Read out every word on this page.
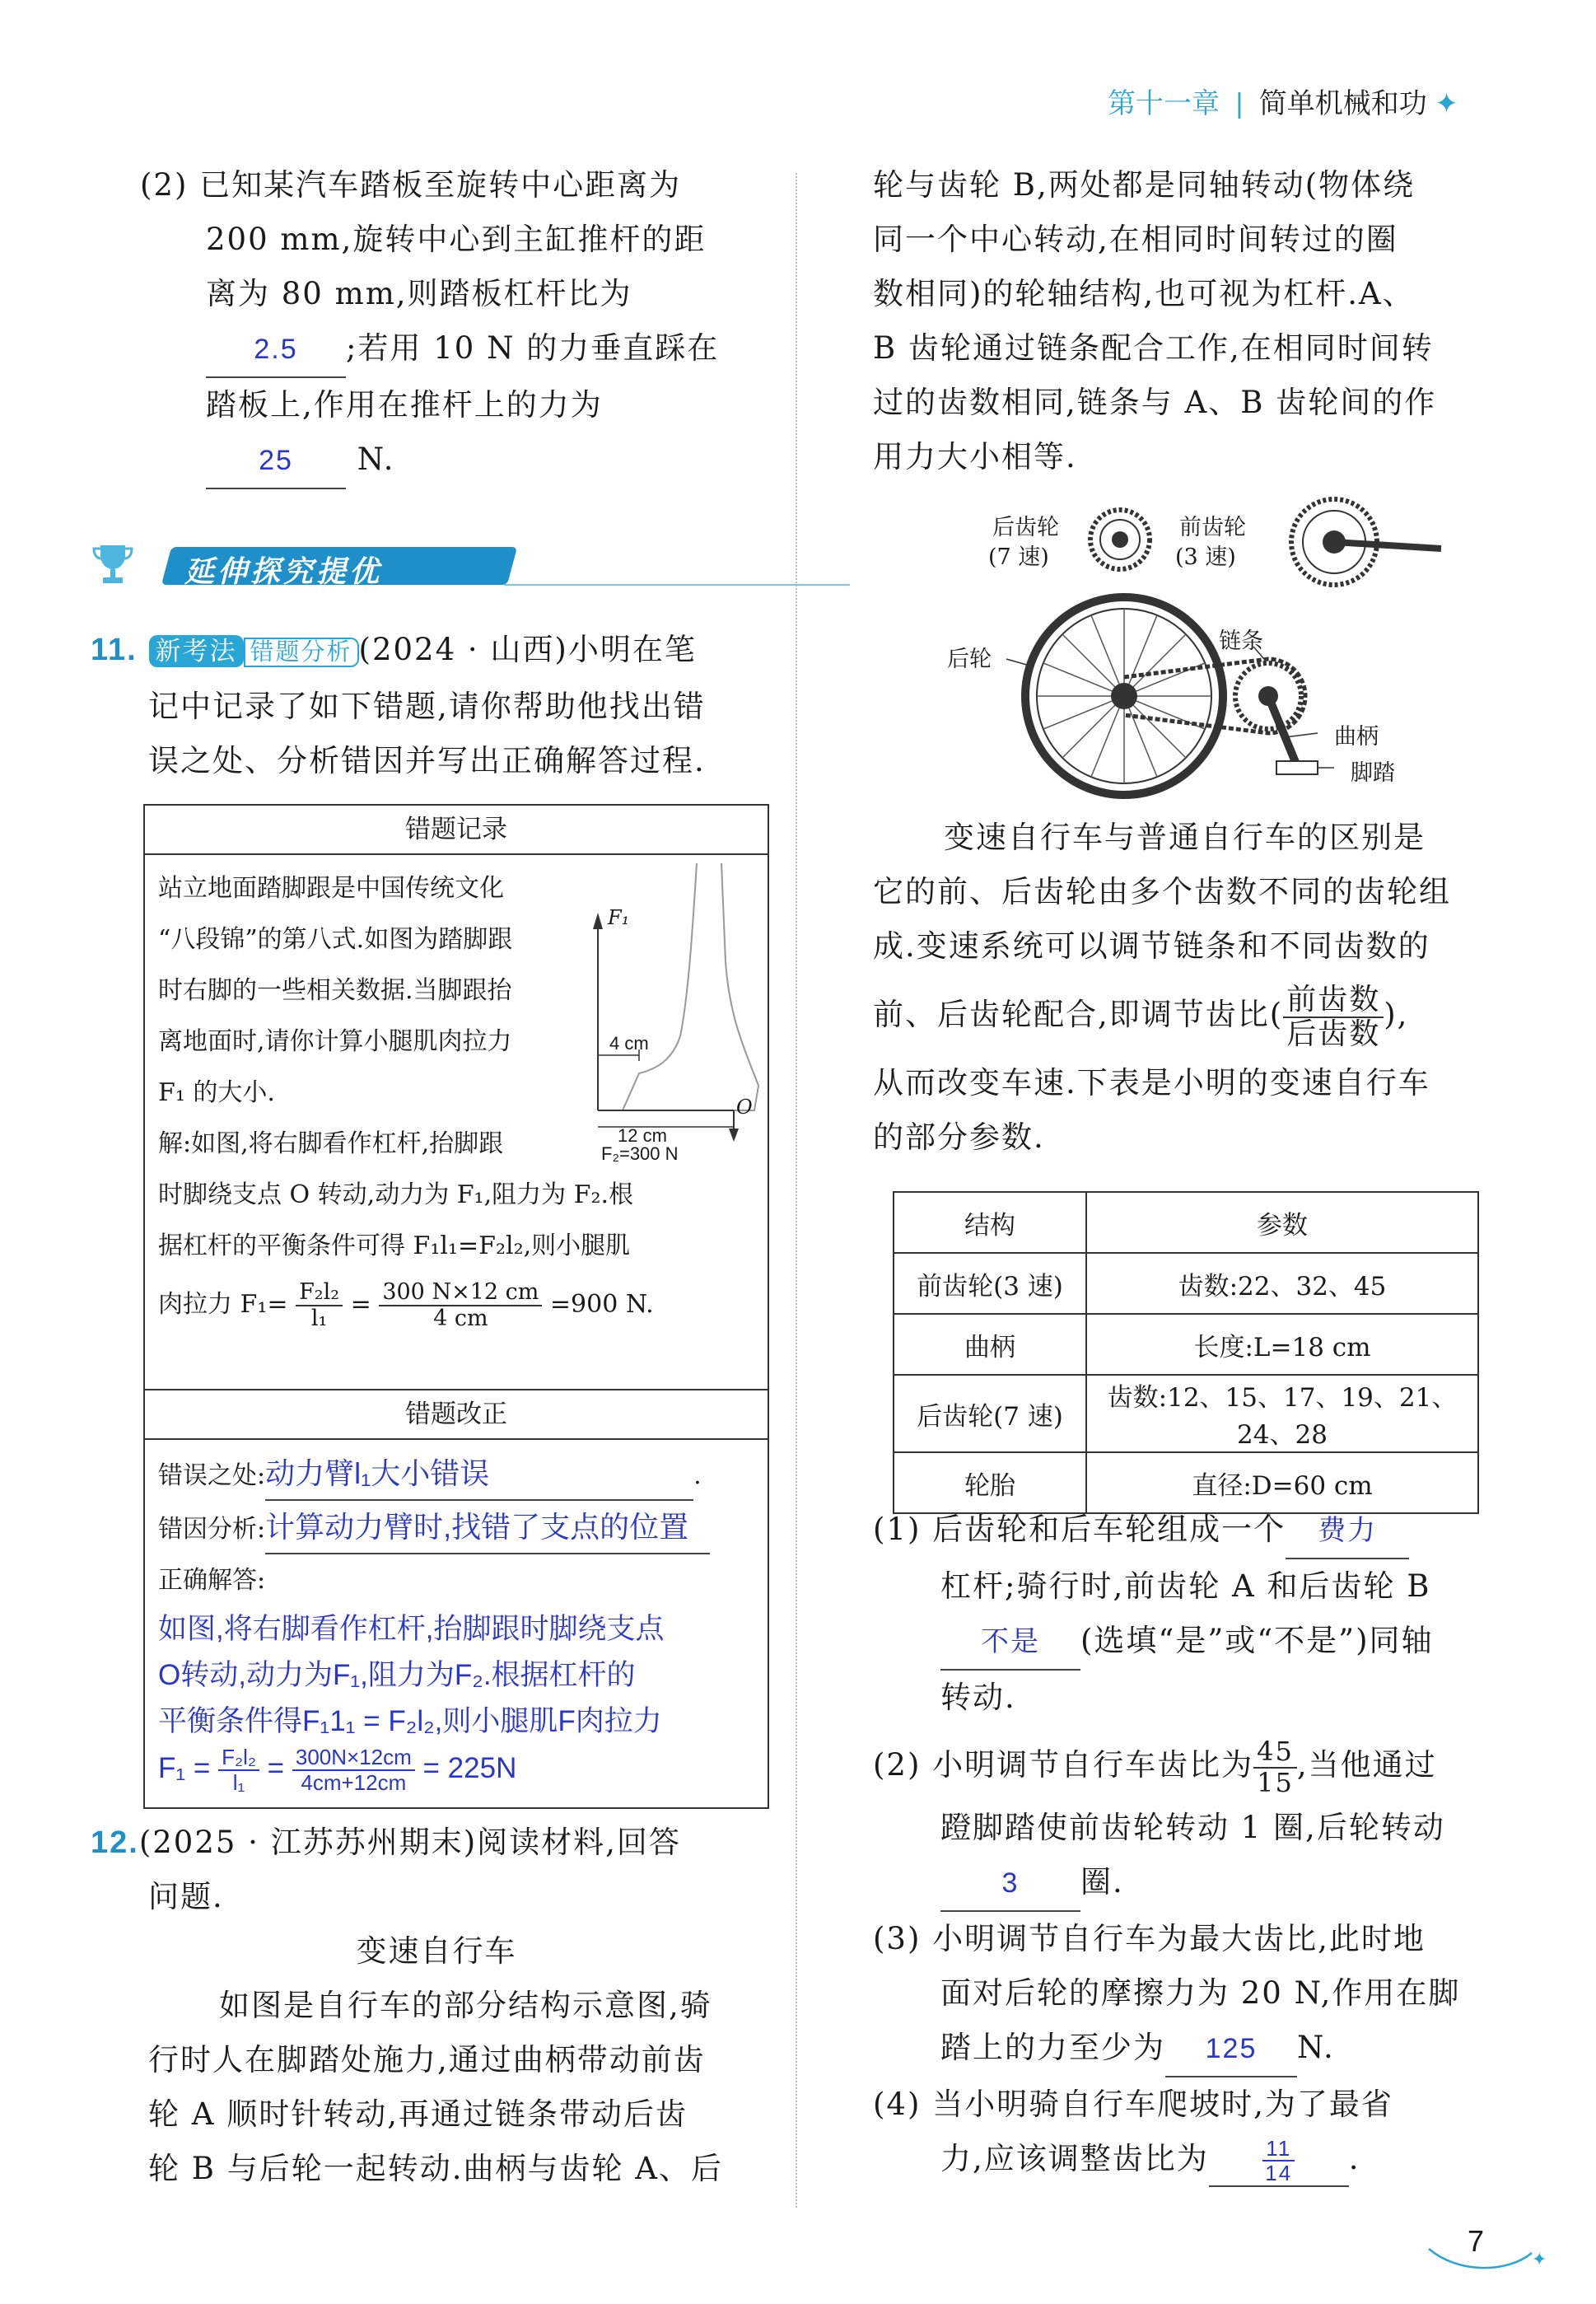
第十一章 | 简单机械和功 ✦
(2) 已知某汽车踏板至旋转中心距离为
200 mm,旋转中心到主缸推杆的距
离为 80 mm,则踏板杠杆比为
2.5 ;若用 10 N 的力垂直踩在
踏板上,作用在推杆上的力为
25 N.
延伸探究提优
11. 新考法 错题分析 (2024 · 山西)小明在笔
记中记录了如下错题,请你帮助他找出错
误之处、分析错因并写出正确解答过程.
错题记录
站立地面踏脚跟是中国传统文化
“八段锦”的第八式.如图为踏脚跟
时右脚的一些相关数据.当脚跟抬
离地面时,请你计算小腿肌肉拉力
F₁ 的大小.
F₁
4 cm
O
12 cm
F₂=300 N
解:如图,将右脚看作杠杆,抬脚跟
时脚绕支点 O 转动,动力为 F₁,阻力为 F₂.根
据杠杆的平衡条件可得 F₁l₁=F₂l₂,则小腿肌
肉拉力 $F_1= \frac{\text{F₂l₂}}{\text{l₁}} = \frac{300 N\times 12 cm}{4 cm} =900$ N.
错题改正
错误之处:动力臂l₁大小错误	.
错因分析:计算动力臂时,找错了支点的位置
正确解答:
如图,将右脚看作杠杆,抬脚跟时脚绕支点
O转动,动力为F₁,阻力为F₂.根据杠杆的
平衡条件得F₁1₁ = F₂l₂,则小腿肌F肉拉力
$F_1 = \frac{\text{F₂l₂}}{\text{l₁}} = \frac{300N\times 12cm}{4cm+12cm} = 225N$
12.(2025 · 江苏苏州期末)阅读材料,回答
问题.
变速自行车
如图是自行车的部分结构示意图,骑
行时人在脚踏处施力,通过曲柄带动前齿
轮 A 顺时针转动,再通过链条带动后齿
轮 B 与后轮一起转动.曲柄与齿轮 A、后
轮与齿轮 B,两处都是同轴转动(物体绕
同一个中心转动,在相同时间转过的圈
数相同)的轮轴结构,也可视为杠杆.A、
B 齿轮通过链条配合工作,在相同时间转
过的齿数相同,链条与 A、B 齿轮间的作
用力大小相等.
后齿轮
(7 速)
前齿轮
(3 速)
后轮
链条
曲柄
脚踏
变速自行车与普通自行车的区别是
它的前、后齿轮由多个齿数不同的齿轮组
成.变速系统可以调节链条和不同齿数的
前、后齿轮配合,即调节齿比( $\frac{\text{前齿数}}{\text{后齿数}}$ ),
从而改变车速.下表是小明的变速自行车
的部分参数.
结构	参数
前齿轮(3 速)	齿数:22、32、45
曲柄	长度:L=18 cm
后齿轮(7 速)	齿数:12、15、17、19、21、24、28
轮胎	直径:D=60 cm
(1) 后齿轮和后车轮组成一个 费力
杠杆;骑行时,前齿轮 A 和后齿轮 B
不是 (选填“是”或“不是”)同轴
转动.
(2) 小明调节自行车齿比为 $\frac{45}{15}$ ,当他通过
蹬脚踏使前齿轮转动 1 圈,后轮转动
3 圈.
(3) 小明调节自行车为最大齿比,此时地
面对后轮的摩擦力为 20 N,作用在脚
踏上的力至少为 125 N.
(4) 当小明骑自行车爬坡时,为了最省
力,应该调整齿比为	$\frac{11}{14}$ .
✦
7
